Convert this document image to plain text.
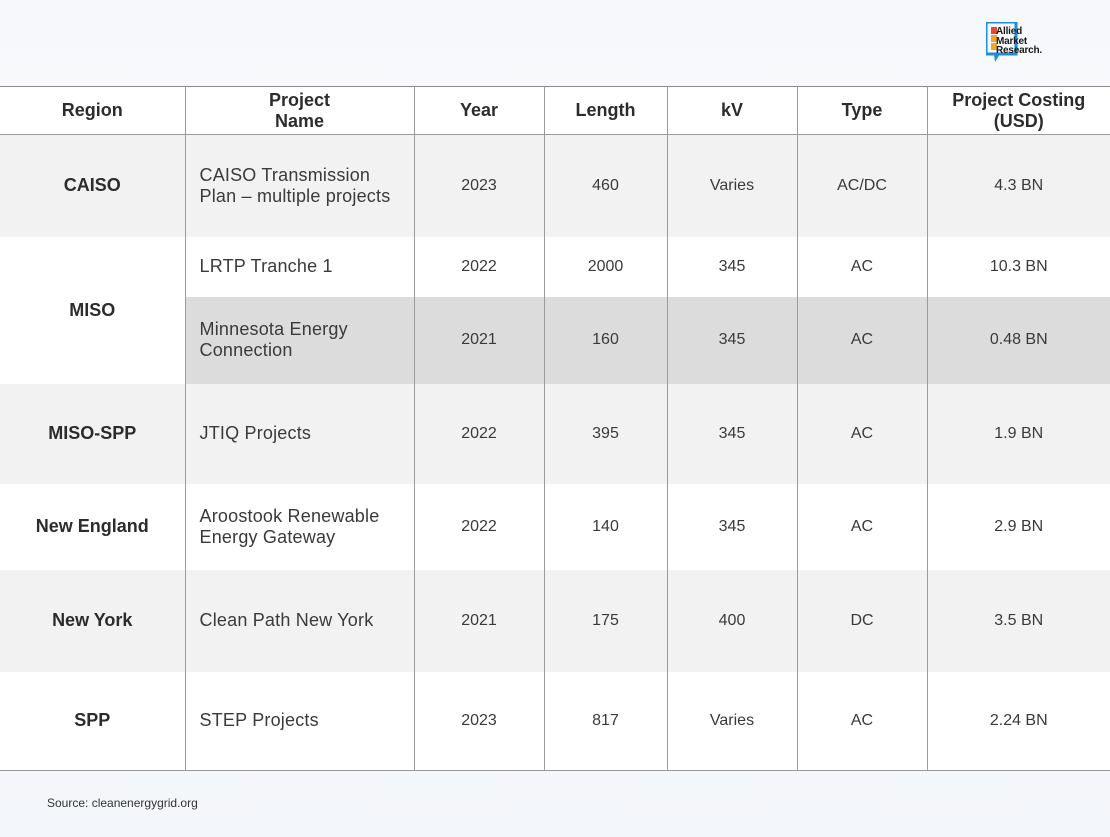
Allied
Market
Research.
Region	Project Name	Year	Length	kV	Type	Project Costing (USD)
CAISO	CAISO Transmission Plan – multiple projects	2023	460	Varies	AC/DC	4.3 BN
MISO	LRTP Tranche 1	2022	2000	345	AC	10.3 BN
	Minnesota Energy Connection	2021	160	345	AC	0.48 BN
MISO-SPP	JTIQ Projects	2022	395	345	AC	1.9 BN
New England	Aroostook Renewable Energy Gateway	2022	140	345	AC	2.9 BN
New York	Clean Path New York	2021	175	400	DC	3.5 BN
SPP	STEP Projects	2023	817	Varies	AC	2.24 BN
Source: cleanenergygrid.org
